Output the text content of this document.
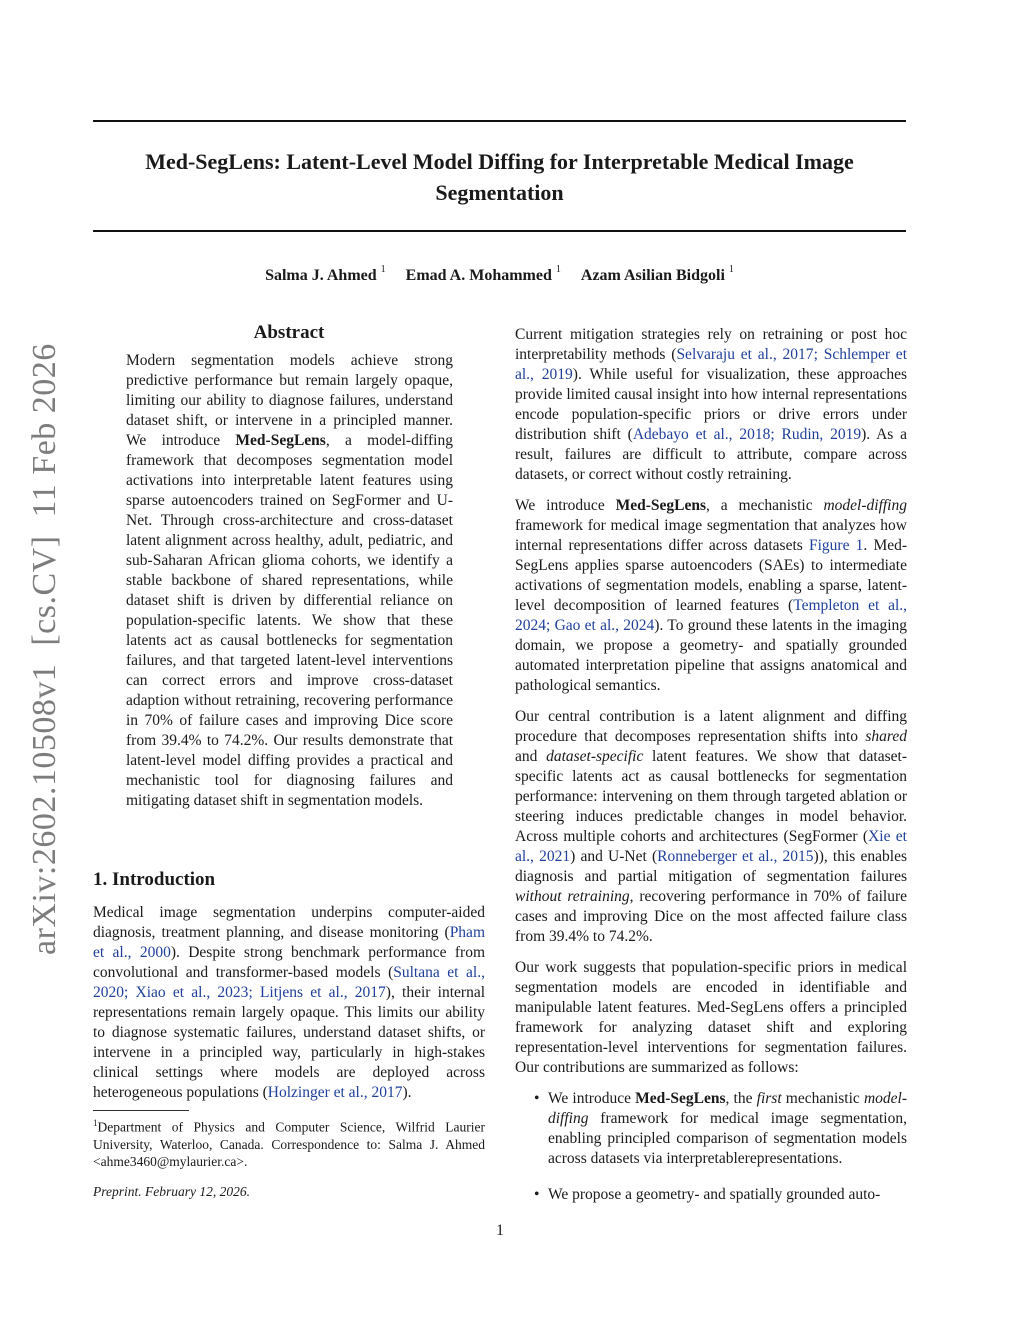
Med-SegLens: Latent-Level Model Diffing for Interpretable Medical Image Segmentation
Salma J. Ahmed $^1$ Emad A. Mohammed $^1$ Azam Asilian Bidgoli $^1$
arXiv:2602.10508v1[cs.CV]11 Feb 2026
Abstract
Modern segmentation models achieve strong predictive performance but remain largely opaque, limiting our ability to diagnose failures, understand dataset shift, or intervene in a principled manner. We introduce Med-SegLens, a model-diffing framework that decomposes segmentation model activations into interpretable latent features using sparse autoencoders trained on SegFormer and U-Net. Through cross-architecture and cross-dataset latent alignment across healthy, adult, pediatric, and sub-Saharan African glioma cohorts, we identify a stable backbone of shared representations, while dataset shift is driven by differential reliance on population-specific latents. We show that these latents act as causal bottlenecks for segmentation failures, and that targeted latent-level interventions can correct errors and improve cross-dataset adaption without retraining, recovering performance in 70% of failure cases and improving Dice score from 39.4% to 74.2%. Our results demonstrate that latent-level model diffing provides a practical and mechanistic tool for diagnosing failures and mitigating dataset shift in segmentation models.
1. Introduction
Medical image segmentation underpins computer-aided diagnosis, treatment planning, and disease monitoring (Pham et al., 2000). Despite strong benchmark performance from convolutional and transformer-based models (Sultana et al., 2020; Xiao et al., 2023; Litjens et al., 2017), their internal representations remain largely opaque. This limits our ability to diagnose systematic failures, understand dataset shifts, or intervene in a principled way, particularly in high-stakes clinical settings where models are deployed across heterogeneous populations (Holzinger et al., 2017).
$^1$Department of Physics and Computer Science, Wilfrid Laurier University, Waterloo, Canada. Correspondence to: Salma J. Ahmed <ahme3460@mylaurier.ca>.
Preprint. February 12, 2026.

Current mitigation strategies rely on retraining or post hoc interpretability methods (Selvaraju et al., 2017; Schlemper et al., 2019). While useful for visualization, these approaches provide limited causal insight into how internal representations encode population-specific priors or drive errors under distribution shift (Adebayo et al., 2018; Rudin, 2019). As a result, failures are difficult to attribute, compare across datasets, or correct without costly retraining.

We introduce Med-SegLens, a mechanistic model-diffing framework for medical image segmentation that analyzes how internal representations differ across datasets Figure 1. Med-SegLens applies sparse autoencoders (SAEs) to intermediate activations of segmentation models, enabling a sparse, latent-level decomposition of learned features (Templeton et al., 2024; Gao et al., 2024). To ground these latents in the imaging domain, we propose a geometry- and spatially grounded automated interpretation pipeline that assigns anatomical and pathological semantics.

Our central contribution is a latent alignment and diffing procedure that decomposes representation shifts into shared and dataset-specific latent features. We show that dataset-specific latents act as causal bottlenecks for segmentation performance: intervening on them through targeted ablation or steering induces predictable changes in model behavior. Across multiple cohorts and architectures (SegFormer (Xie et al., 2021) and U-Net (Ronneberger et al., 2015)), this enables diagnosis and partial mitigation of segmentation failures without retraining, recovering performance in 70% of failure cases and improving Dice on the most affected failure class from 39.4% to 74.2%.

Our work suggests that population-specific priors in medical segmentation models are encoded in identifiable and manipulable latent features. Med-SegLens offers a principled framework for analyzing dataset shift and exploring representation-level interventions for segmentation failures. Our contributions are summarized as follows:

• We introduce Med-SegLens, the first mechanistic model-diffing framework for medical image segmentation, enabling principled comparison of segmentation models across datasets via interpretablerepresentations.
• We propose a geometry- and spatially grounded auto-
1
